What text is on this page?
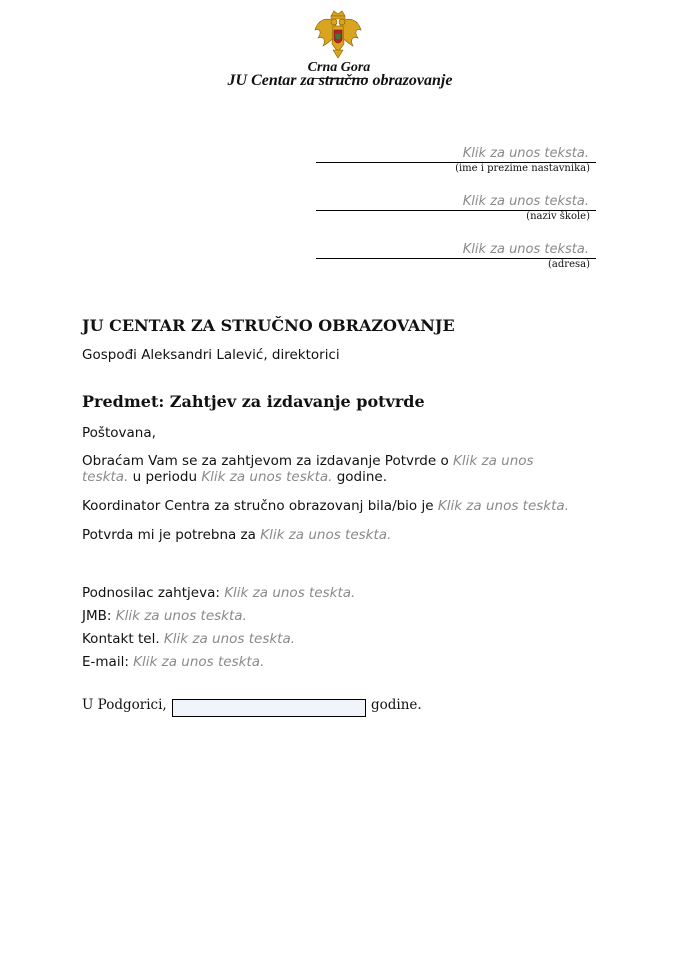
Crna Gora
JU Centar za stručno obrazovanje
Klik za unos teksta.
(ime i prezime nastavnika)
Klik za unos teksta.
(naziv škole)
Klik za unos teksta.
(adresa)
JU CENTAR ZA STRUČNO OBRAZOVANJE
Gospođi Aleksandri Lalević, direktorici
Predmet: Zahtjev za izdavanje potvrde
Poštovana,
Obraćam Vam se za zahtjevom za izdavanje Potvrde o Klik za unos
teskta. u periodu Klik za unos teskta. godine.
Koordinator Centra za stručno obrazovanj bila/bio je Klik za unos teskta.
Potvrda mi je potrebna za Klik za unos teskta.
Podnosilac zahtjeva: Klik za unos teskta.
JMB: Klik za unos teskta.
Kontakt tel. Klik za unos teskta.
E-mail: Klik za unos teskta.
U Podgorici,	godine.
